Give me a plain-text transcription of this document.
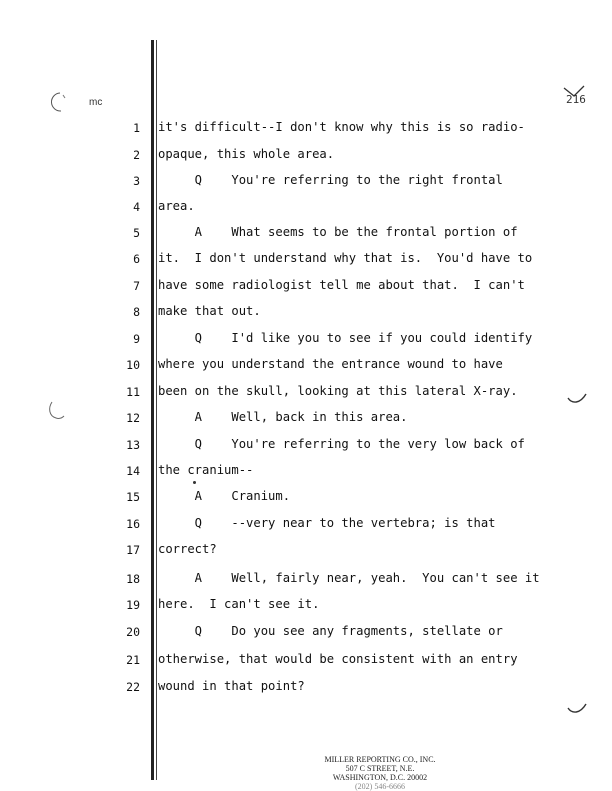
mc	216
1
2
3
4
5
6
7
8
9
10
11
12
13
14
15
16
17
18
19
20
21
22
it's difficult--I don't know why this is so radio-
opaque, this whole area.
Q    You're referring to the right frontal
area.
A    What seems to be the frontal portion of
it.  I don't understand why that is.  You'd have to
have some radiologist tell me about that.  I can't
make that out.
Q    I'd like you to see if you could identify
where you understand the entrance wound to have
been on the skull, looking at this lateral X-ray.
A    Well, back in this area.
Q    You're referring to the very low back of
the cranium--
A    Cranium.
Q    --very near to the vertebra; is that
correct?
A    Well, fairly near, yeah.  You can't see it
here.  I can't see it.
Q    Do you see any fragments, stellate or
otherwise, that would be consistent with an entry
wound in that point?
MILLER REPORTING CO., INC.
507 C STREET, N.E.
WASHINGTON, D.C. 20002
(202) 546-6666
